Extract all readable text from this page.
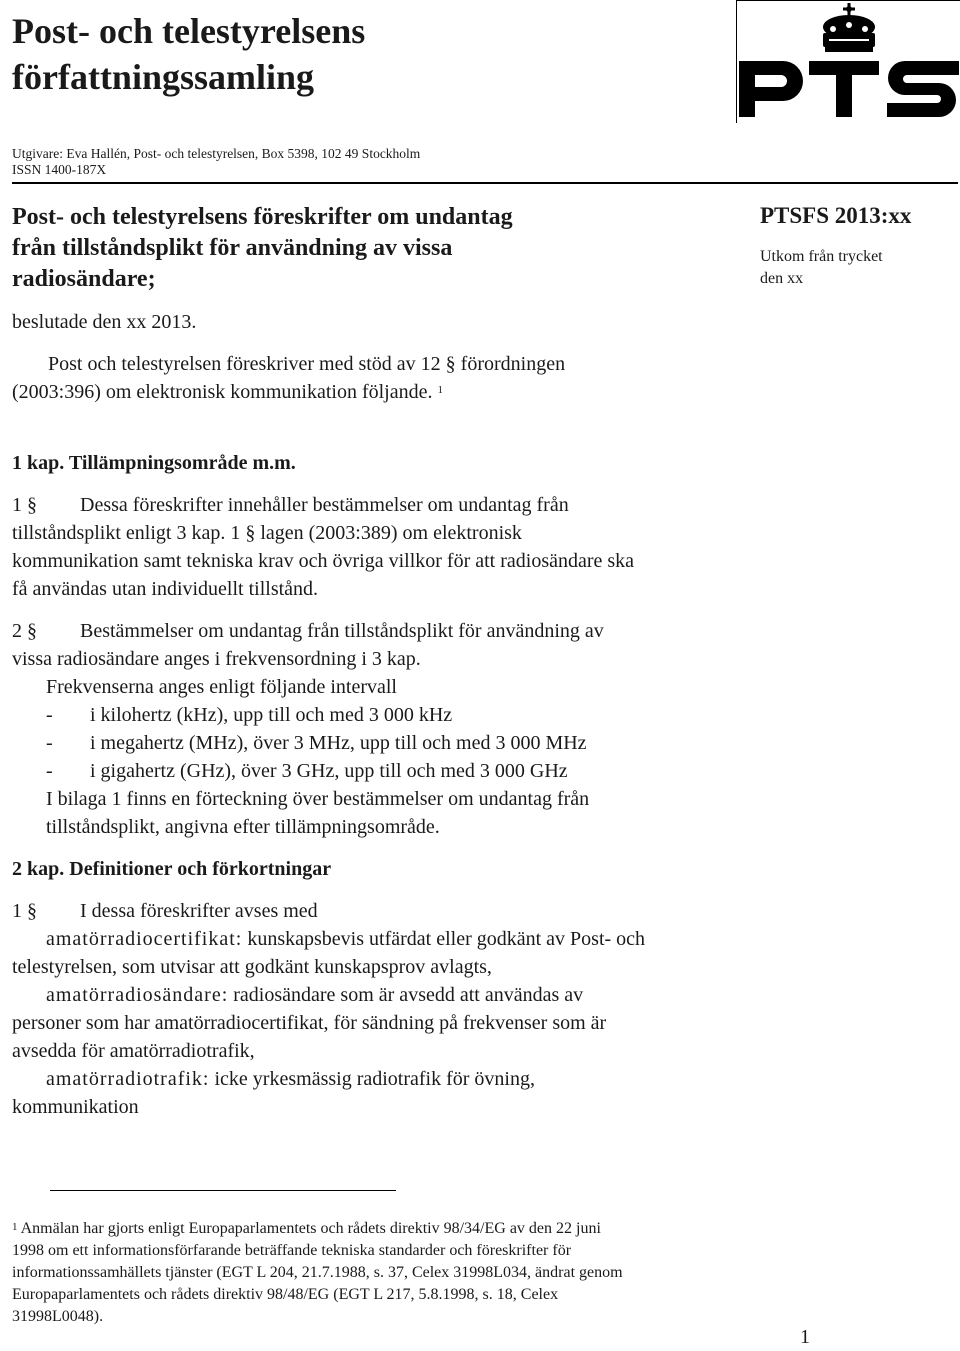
Post- och telestyrelsens
författningssamling
Utgivare: Eva Hallén, Post- och telestyrelsen, Box 5398, 102 49 Stockholm
ISSN 1400-187X
Post- och telestyrelsens föreskrifter om undantag
från tillståndsplikt för användning av vissa
radiosändare;
PTSFS 2013:xx
Utkom från trycket
den xx
beslutade den xx 2013.
Post och telestyrelsen föreskriver med stöd av 12 § förordningen
(2003:396) om elektronisk kommunikation följande. $^1$
1 kap. Tillämpningsområde m.m.
1 §	Dessa föreskrifter innehåller bestämmelser om undantag från
tillståndsplikt enligt 3 kap. 1 § lagen (2003:389) om elektronisk
kommunikation samt tekniska krav och övriga villkor för att radiosändare ska
få användas utan individuellt tillstånd.
2 §	Bestämmelser om undantag från tillståndsplikt för användning av
vissa radiosändare anges i frekvensordning i 3 kap.
Frekvenserna anges enligt följande intervall
-	i kilohertz (kHz), upp till och med 3 000 kHz
-	i megahertz (MHz), över 3 MHz, upp till och med 3 000 MHz
-	i gigahertz (GHz), över 3 GHz, upp till och med 3 000 GHz
I bilaga 1 finns en förteckning över bestämmelser om undantag från
tillståndsplikt, angivna efter tillämpningsområde.
2 kap. Definitioner och förkortningar
1 §	I dessa föreskrifter avses med
amatörradiocertifikat: kunskapsbevis utfärdat eller godkänt av Post- och
telestyrelsen, som utvisar att godkänt kunskapsprov avlagts,
amatörradiosändare: radiosändare som är avsedd att användas av
personer som har amatörradiocertifikat, för sändning på frekvenser som är
avsedda för amatörradiotrafik,
amatörradiotrafik: icke yrkesmässig radiotrafik för övning,
kommunikation
$^1$ Anmälan har gjorts enligt Europaparlamentets och rådets direktiv 98/34/EG av den 22 juni
1998 om ett informationsförfarande beträffande tekniska standarder och föreskrifter för
informationssamhällets tjänster (EGT L 204, 21.7.1988, s. 37, Celex 31998L034, ändrat genom
Europaparlamentets och rådets direktiv 98/48/EG (EGT L 217, 5.8.1998, s. 18, Celex
31998L0048).
1
